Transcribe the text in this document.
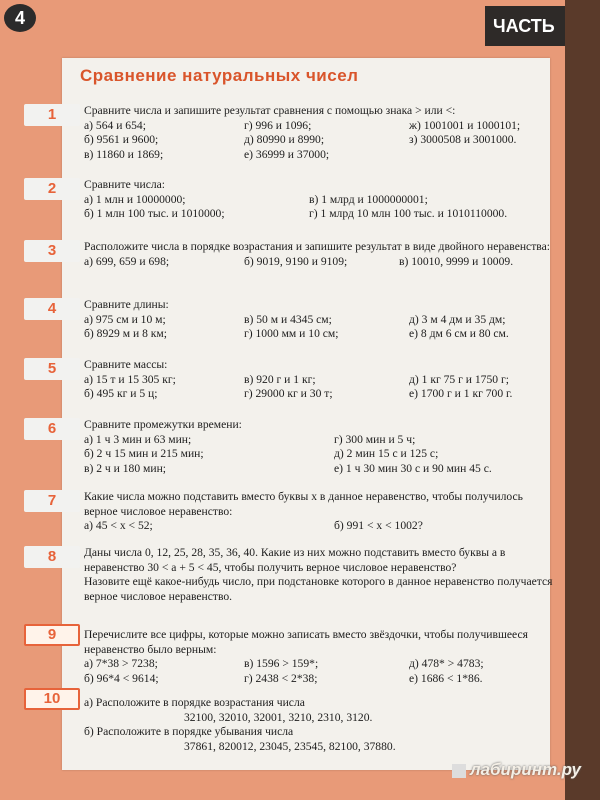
4	ЧАСТЬ
Сравнение натуральных чисел
1	Сравните числа и запишите результат сравнения с помощью знака > или <:
а) 564 и 654;	г) 996 и 1096;	ж) 1001001 и 1000101;
б) 9561 и 9600;	д) 80990 и 8990;	з) 3000508 и 3001000.
в) 11860 и 1869;	е) 36999 и 37000;
2	Сравните числа:
а) 1 млн и 10000000;	в) 1 млрд и 1000000001;
б) 1 млн 100 тыс. и 1010000;	г) 1 млрд 10 млн 100 тыс. и 1010110000.
3	Расположите числа в порядке возрастания и запишите результат в виде двойного неравенства:
а) 699, 659 и 698;	б) 9019, 9190 и 9109;	в) 10010, 9999 и 10009.
4	Сравните длины:
а) 975 см и 10 м;	в) 50 м и 4345 см;	д) 3 м 4 дм и 35 дм;
б) 8929 м и 8 км;	г) 1000 мм и 10 см;	е) 8 дм 6 см и 80 см.
5	Сравните массы:
а) 15 т и 15 305 кг;	в) 920 г и 1 кг;	д) 1 кг 75 г и 1750 г;
б) 495 кг и 5 ц;	г) 29000 кг и 30 т;	е) 1700 г и 1 кг 700 г.
6	Сравните промежутки времени:
а) 1 ч 3 мин и 63 мин;	г) 300 мин и 5 ч;
б) 2 ч 15 мин и 215 мин;	д) 2 мин 15 с и 125 с;
в) 2 ч и 180 мин;	е) 1 ч 30 мин 30 с и 90 мин 45 с.
7	Какие числа можно подставить вместо буквы x в данное неравенство, чтобы получилось верное числовое неравенство:
а) 45 < x < 52;	б) 991 < x < 1002?
8	Даны числа 0, 12, 25, 28, 35, 36, 40. Какие из них можно подставить вместо буквы a в неравенство 30 < a + 5 < 45, чтобы получить верное числовое неравенство?
Назовите ещё какое-нибудь число, при подстановке которого в данное неравенство получается верное числовое неравенство.
9	Перечислите все цифры, которые можно записать вместо звёздочки, чтобы получившееся неравенство было верным:
а) 7*38 > 7238;	в) 1596 > 159*;	д) 478* > 4783;
б) 96*4 < 9614;	г) 2438 < 2*38;	е) 1686 < 1*86.
10	а) Расположите в порядке возрастания числа
32100, 32010, 32001, 3210, 2310, 3120.
б) Расположите в порядке убывания числа
37861, 820012, 23045, 23545, 82100, 37880.
лабиринт.ру
